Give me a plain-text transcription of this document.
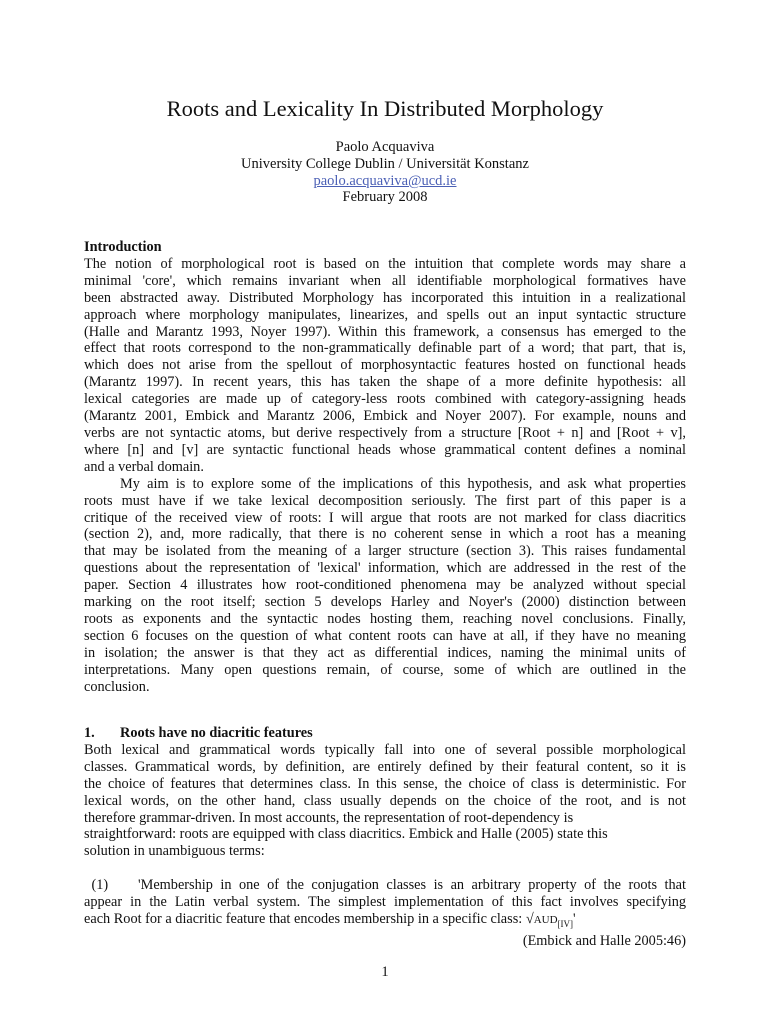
Roots and Lexicality In Distributed Morphology
Paolo Acquaviva
University College Dublin / Universität Konstanz
paolo.acquaviva@ucd.ie
February 2008
Introduction
The notion of morphological root is based on the intuition that complete words may share a
minimal 'core', which remains invariant when all identifiable morphological formatives have
been abstracted away. Distributed Morphology has incorporated this intuition in a realizational
approach where morphology manipulates, linearizes, and spells out an input syntactic structure
(Halle and Marantz 1993, Noyer 1997). Within this framework, a consensus has emerged to the
effect that roots correspond to the non-grammatically definable part of a word; that part, that is,
which does not arise from the spellout of morphosyntactic features hosted on functional heads
(Marantz 1997). In recent years, this has taken the shape of a more definite hypothesis: all
lexical categories are made up of category-less roots combined with category-assigning heads
(Marantz 2001, Embick and Marantz 2006, Embick and Noyer 2007). For example, nouns and
verbs are not syntactic atoms, but derive respectively from a structure [Root + n] and [Root + v],
where [n] and [v] are syntactic functional heads whose grammatical content defines a nominal
and a verbal domain.
My aim is to explore some of the implications of this hypothesis, and ask what properties
roots must have if we take lexical decomposition seriously. The first part of this paper is a
critique of the received view of roots: I will argue that roots are not marked for class diacritics
(section 2), and, more radically, that there is no coherent sense in which a root has a meaning
that may be isolated from the meaning of a larger structure (section 3). This raises fundamental
questions about the representation of 'lexical' information, which are addressed in the rest of the
paper. Section 4 illustrates how root-conditioned phenomena may be analyzed without special
marking on the root itself; section 5 develops Harley and Noyer's (2000) distinction between
roots as exponents and the syntactic nodes hosting them, reaching novel conclusions. Finally,
section 6 focuses on the question of what content roots can have at all, if they have no meaning
in isolation; the answer is that they act as differential indices, naming the minimal units of
interpretations. Many open questions remain, of course, some of which are outlined in the
conclusion.
1. Roots have no diacritic features
Both lexical and grammatical words typically fall into one of several possible morphological
classes. Grammatical words, by definition, are entirely defined by their featural content, so it is
the choice of features that determines class. In this sense, the choice of class is deterministic. For
lexical words, on the other hand, class usually depends on the choice of the root, and is not
therefore grammar-driven. In most accounts, the representation of root-dependency is
straightforward: roots are equipped with class diacritics. Embick and Halle (2005) state this
solution in unambiguous terms:
(1)    'Membership in one of the conjugation classes is an arbitrary property of the roots that
appear in the Latin verbal system. The simplest implementation of this fact involves specifying
each Root for a diacritic feature that encodes membership in a specific class: $√AUD_{[IV]}'$
(Embick and Halle 2005:46)
1
